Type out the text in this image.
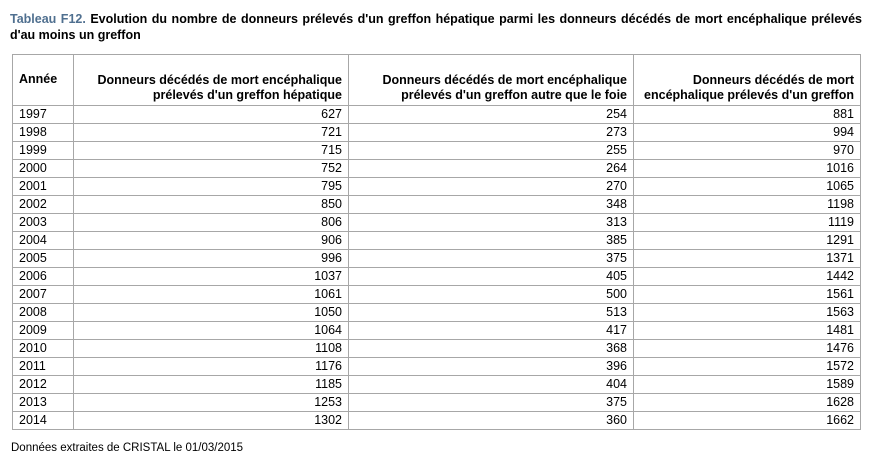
Tableau F12. Evolution du nombre de donneurs prélevés d'un greffon hépatique parmi les donneurs décédés de mort encéphalique prélevés d'au moins un greffon
Année	Donneurs décédés de mort encéphalique prélevés d'un greffon hépatique	Donneurs décédés de mort encéphalique prélevés d'un greffon autre que le foie	Donneurs décédés de mort encéphalique prélevés d'un greffon
1997	627	254	881
1998	721	273	994
1999	715	255	970
2000	752	264	1016
2001	795	270	1065
2002	850	348	1198
2003	806	313	1119
2004	906	385	1291
2005	996	375	1371
2006	1037	405	1442
2007	1061	500	1561
2008	1050	513	1563
2009	1064	417	1481
2010	1108	368	1476
2011	1176	396	1572
2012	1185	404	1589
2013	1253	375	1628
2014	1302	360	1662
Données extraites de CRISTAL le 01/03/2015
